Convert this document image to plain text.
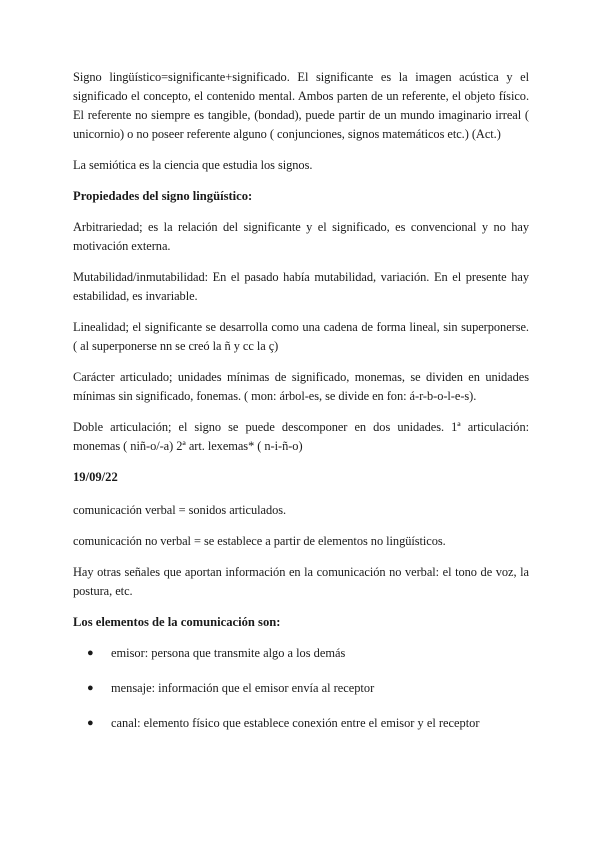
Signo lingüístico=significante+significado. El significante es la imagen acústica y el significado el concepto, el contenido mental. Ambos parten de un referente, el objeto físico. El referente no siempre es tangible, (bondad), puede partir de un mundo imaginario irreal ( unicornio) o no poseer referente alguno ( conjunciones, signos matemáticos etc.) (Act.)

La semiótica es la ciencia que estudia los signos.

Propiedades del signo lingüístico:

Arbitrariedad; es la relación del significante y el significado, es convencional y no hay motivación externa.

Mutabilidad/inmutabilidad: En el pasado había mutabilidad, variación. En el presente hay estabilidad, es invariable.

Linealidad; el significante se desarrolla como una cadena de forma lineal, sin superponerse. ( al superponerse nn se creó la ñ y cc la ç)

Carácter articulado; unidades mínimas de significado, monemas, se dividen en unidades mínimas sin significado, fonemas. ( mon: árbol-es, se divide en fon: á-r-b-o-l-e-s).

Doble articulación; el signo se puede descomponer en dos unidades. 1ª articulación: monemas ( niñ-o/-a) 2ª art. lexemas* ( n-i-ñ-o)

19/09/22

comunicación verbal = sonidos articulados.

comunicación no verbal = se establece a partir de elementos no lingüísticos.

Hay otras señales que aportan información en la comunicación no verbal: el tono de voz, la postura, etc.

Los elementos de la comunicación son:

● emisor: persona que transmite algo a los demás
● mensaje: información que el emisor envía al receptor
● canal: elemento físico que establece conexión entre el emisor y el receptor
